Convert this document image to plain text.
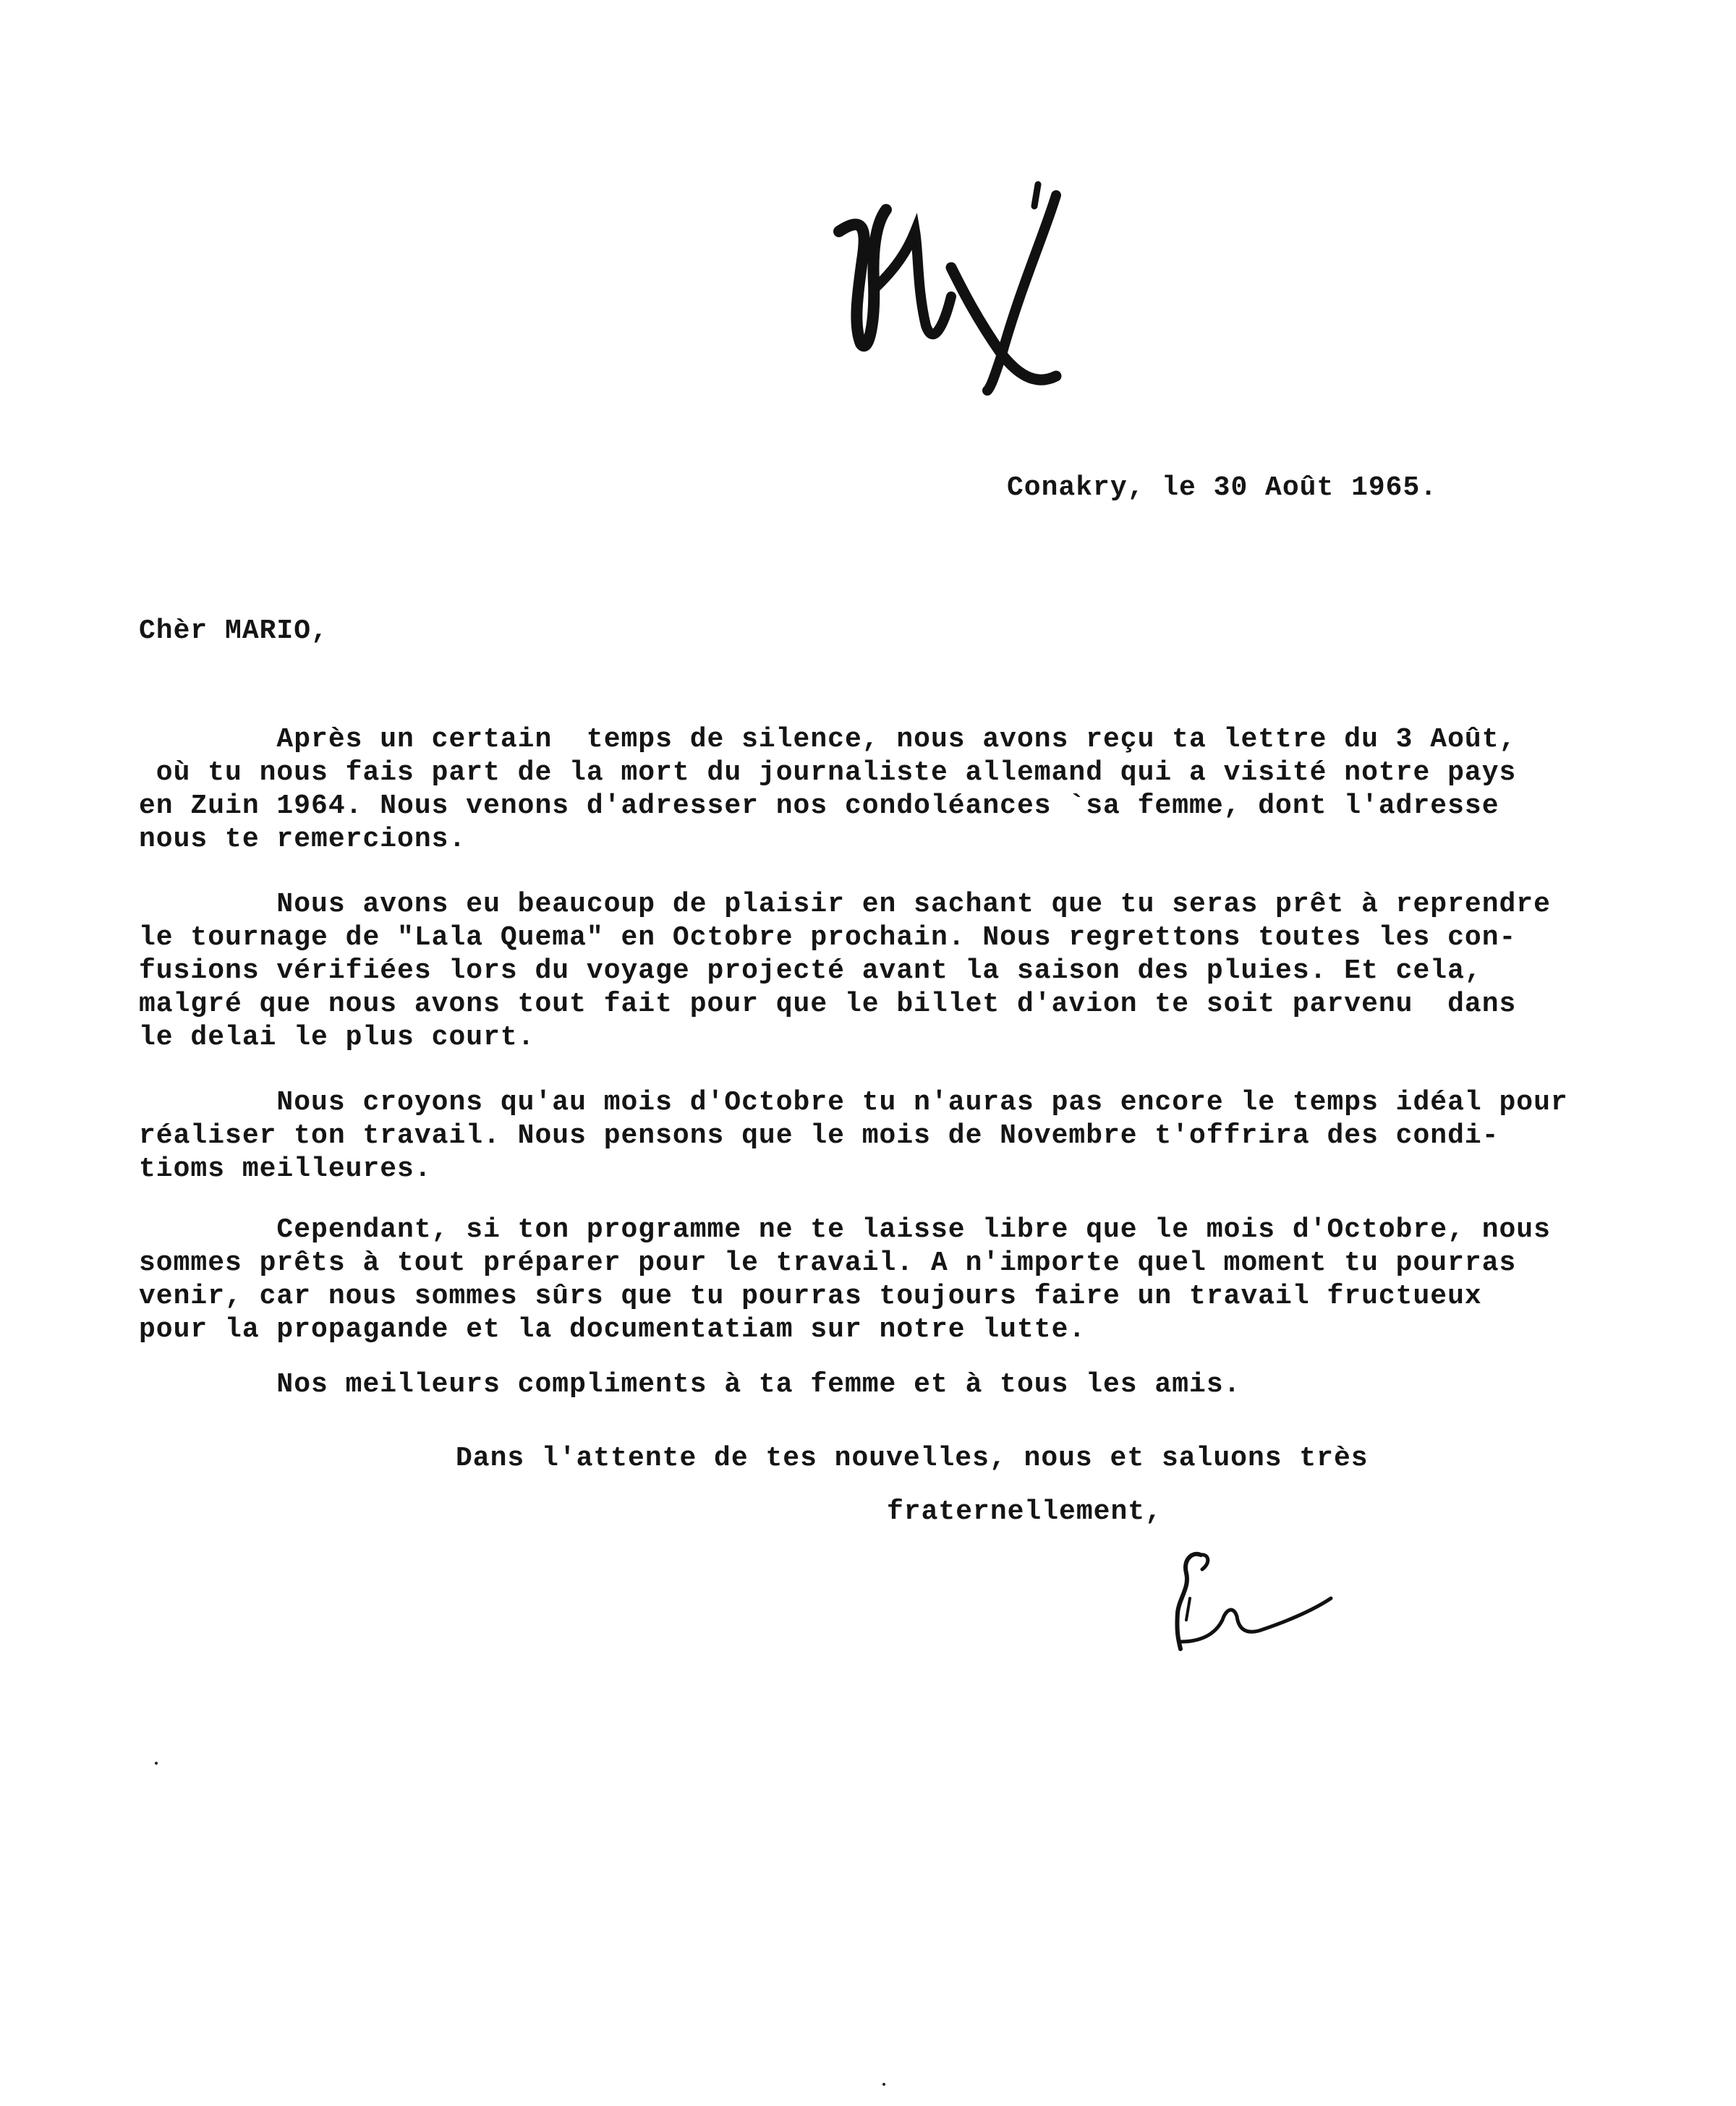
Conakry, le 30 Août 1965.
Chèr MARIO,
Après un certain  temps de silence, nous avons reçu ta lettre du 3 Août,
où tu nous fais part de la mort du journaliste allemand qui a visité notre pays
en Zuin 1964. Nous venons d'adresser nos condoléances `sa femme, dont l'adresse
nous te remercions.
Nous avons eu beaucoup de plaisir en sachant que tu seras prêt à reprendre
le tournage de "Lala Quema" en Octobre prochain. Nous regrettons toutes les con-
fusions vérifiées lors du voyage projecté avant la saison des pluies. Et cela,
malgré que nous avons tout fait pour que le billet d'avion te soit parvenu  dans
le delai le plus court.
Nous croyons qu'au mois d'Octobre tu n'auras pas encore le temps idéal pour
réaliser ton travail. Nous pensons que le mois de Novembre t'offrira des condi-
tioms meilleures.
Cependant, si ton programme ne te laisse libre que le mois d'Octobre, nous
sommes prêts à tout préparer pour le travail. A n'importe quel moment tu pourras
venir, car nous sommes sûrs que tu pourras toujours faire un travail fructueux
pour la propagande et la documentatiam sur notre lutte.
Nos meilleurs compliments à ta femme et à tous les amis.
Dans l'attente de tes nouvelles, nous et saluons très
fraternellement,
